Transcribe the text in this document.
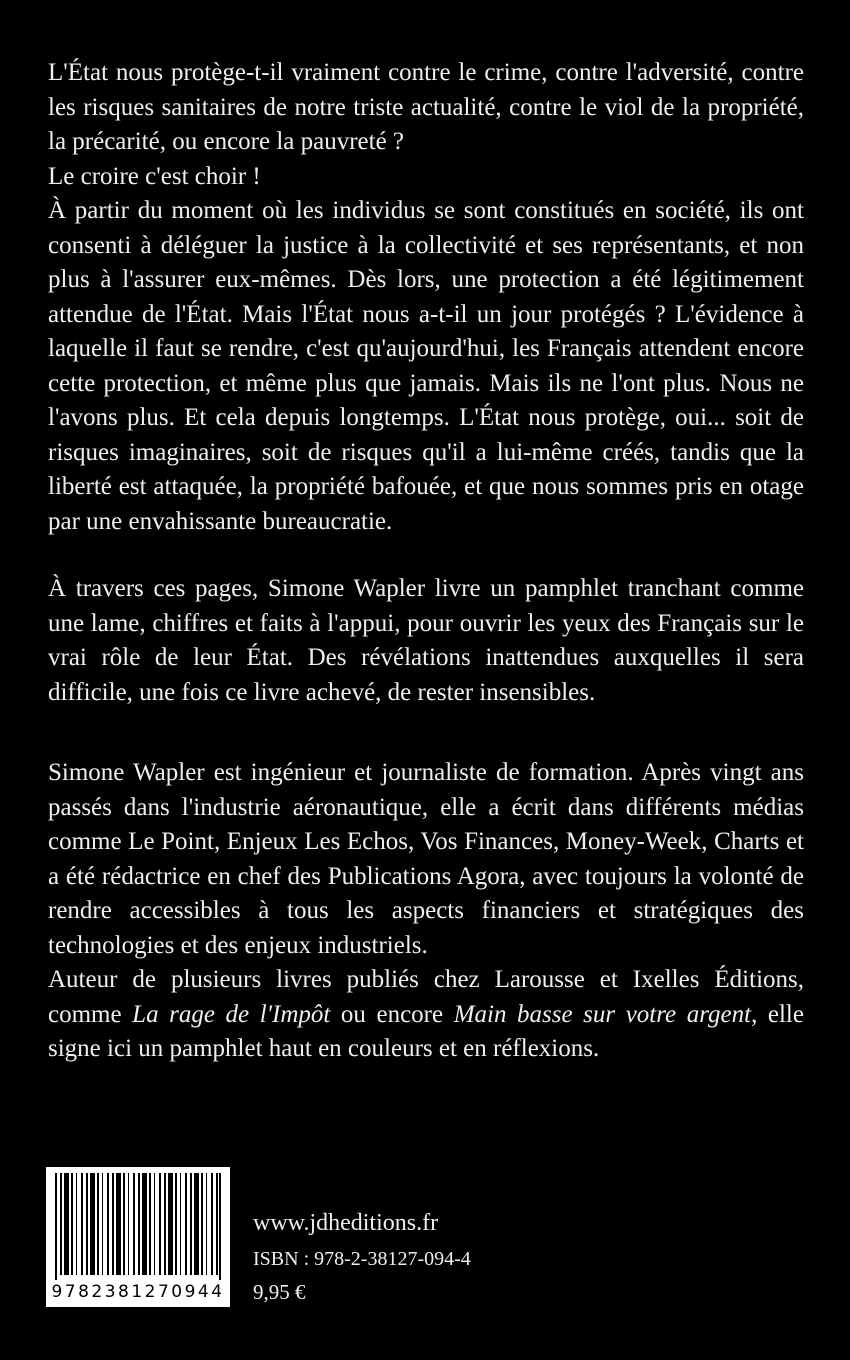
L'État nous protège-t-il vraiment contre le crime, contre l'adversité, contre les risques sanitaires de notre triste actualité, contre le viol de la propriété, la précarité, ou encore la pauvreté ?

Le croire c'est choir !

À partir du moment où les individus se sont constitués en société, ils ont consenti à déléguer la justice à la collectivité et ses représentants, et non plus à l'assurer eux-mêmes. Dès lors, une protection a été légitimement attendue de l'État. Mais l'État nous a-t-il un jour protégés ? L'évidence à laquelle il faut se rendre, c'est qu'aujourd'hui, les Français attendent encore cette protection, et même plus que jamais. Mais ils ne l'ont plus. Nous ne l'avons plus. Et cela depuis longtemps. L'État nous protège, oui... soit de risques imaginaires, soit de risques qu'il a lui-même créés, tandis que la liberté est attaquée, la propriété bafouée, et que nous sommes pris en otage par une envahissante bureaucratie.

À travers ces pages, Simone Wapler livre un pamphlet tranchant comme une lame, chiffres et faits à l'appui, pour ouvrir les yeux des Français sur le vrai rôle de leur État. Des révélations inattendues auxquelles il sera difficile, une fois ce livre achevé, de rester insensibles.

Simone Wapler est ingénieur et journaliste de formation. Après vingt ans passés dans l'industrie aéronautique, elle a écrit dans différents médias comme Le Point, Enjeux Les Echos, Vos Finances, Money-Week, Charts et a été rédactrice en chef des Publications Agora, avec toujours la volonté de rendre accessibles à tous les aspects financiers et stratégiques des technologies et des enjeux industriels.

Auteur de plusieurs livres publiés chez Larousse et Ixelles Éditions, comme La rage de l'Impôt ou encore Main basse sur votre argent, elle signe ici un pamphlet haut en couleurs et en réflexions.

9782381270944
www.jdheditions.fr
ISBN : 978-2-38127-094-4
9,95 €
